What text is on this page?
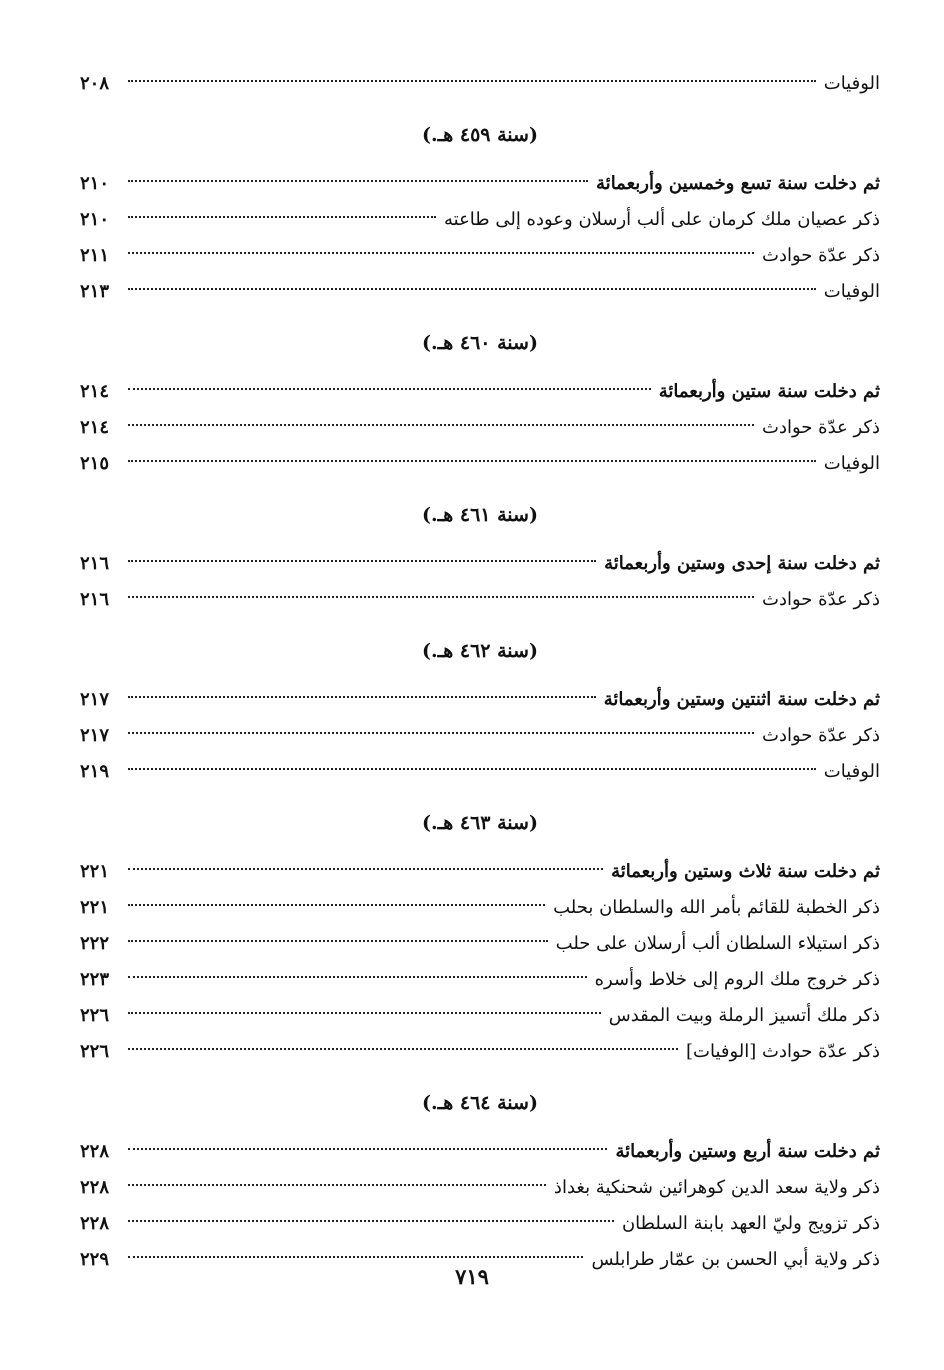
الوفيات
٢٠٨
(سنة ٤٥٩ هـ.)
ثم دخلت سنة تسع وخمسين وأربعمائة
٢١٠
ذكر عصيان ملك كرمان على ألب أرسلان وعوده إلى طاعته
٢١٠
ذكر عدّة حوادث
٢١١
الوفيات
٢١٣
(سنة ٤٦٠ هـ.)
ثم دخلت سنة ستين وأربعمائة
٢١٤
ذكر عدّة حوادث
٢١٤
الوفيات
٢١٥
(سنة ٤٦١ هـ.)
ثم دخلت سنة إحدى وستين وأربعمائة
٢١٦
ذكر عدّة حوادث
٢١٦
(سنة ٤٦٢ هـ.)
ثم دخلت سنة اثنتين وستين وأربعمائة
٢١٧
ذكر عدّة حوادث
٢١٧
الوفيات
٢١٩
(سنة ٤٦٣ هـ.)
ثم دخلت سنة ثلاث وستين وأربعمائة
٢٢١
ذكر الخطبة للقائم بأمر الله والسلطان بحلب
٢٢١
ذكر استيلاء السلطان ألب أرسلان على حلب
٢٢٢
ذكر خروج ملك الروم إلى خلاط وأسره
٢٢٣
ذكر ملك أتسيز الرملة وبيت المقدس
٢٢٦
ذكر عدّة حوادث [الوفيات]
٢٢٦
(سنة ٤٦٤ هـ.)
ثم دخلت سنة أربع وستين وأربعمائة
٢٢٨
ذكر ولاية سعد الدين كوهرائين شحنكية بغداذ
٢٢٨
ذكر تزويج وليّ العهد بابنة السلطان
٢٢٨
ذكر ولاية أبي الحسن بن عمّار طرابلس
٢٢٩
٧١٩
